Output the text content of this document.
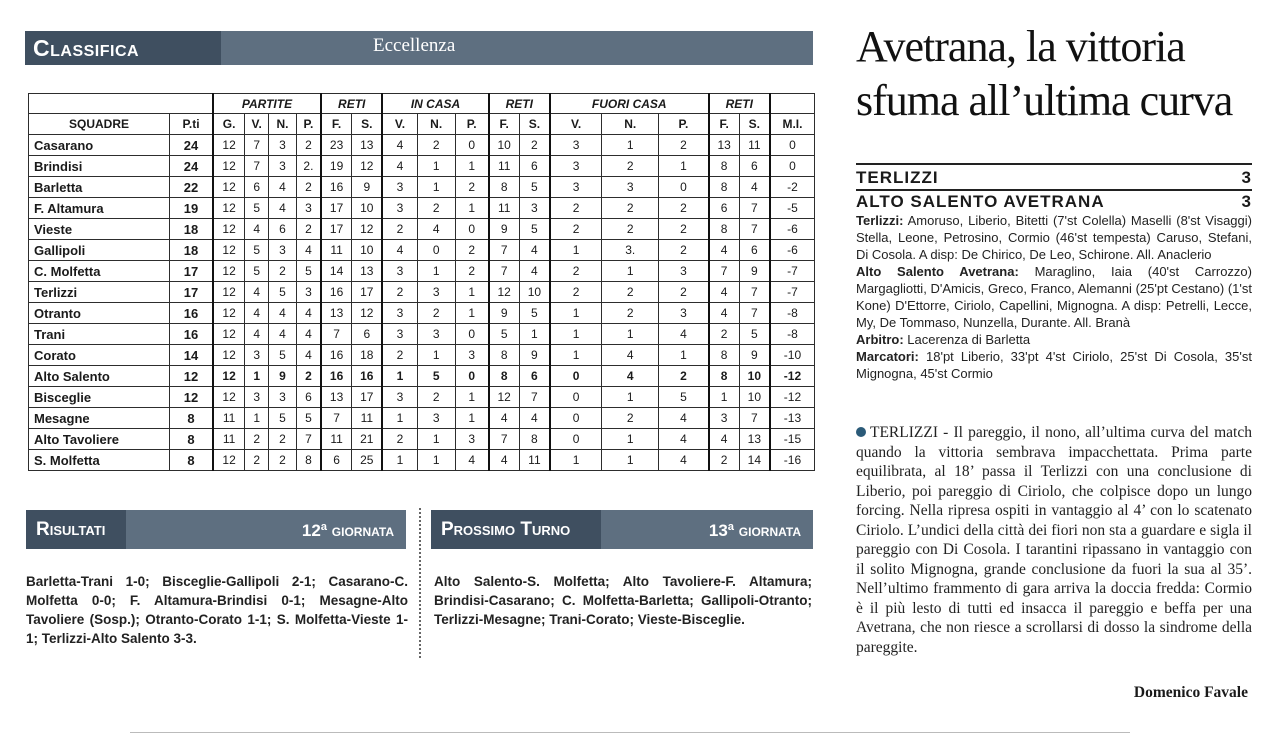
Classifica	Eccellenza
		PARTITE				RETI		IN CASA			RETI		FUORI CASA			RETI		
SQUADRE	P.ti	G.	V.	N.	P.	F.	S.	V.	N.	P.	F.	S.	V.	N.	P.	F.	S.	M.I.
Casarano	24	12	7	3	2	23	13	4	2	0	10	2	3	1	2	13	11	0
Brindisi	24	12	7	3	2.	19	12	4	1	1	11	6	3	2	1	8	6	0
Barletta	22	12	6	4	2	16	9	3	1	2	8	5	3	3	0	8	4	-2
F. Altamura	19	12	5	4	3	17	10	3	2	1	11	3	2	2	2	6	7	-5
Vieste	18	12	4	6	2	17	12	2	4	0	9	5	2	2	2	8	7	-6
Gallipoli	18	12	5	3	4	11	10	4	0	2	7	4	1	3.	2	4	6	-6
C. Molfetta	17	12	5	2	5	14	13	3	1	2	7	4	2	1	3	7	9	-7
Terlizzi	17	12	4	5	3	16	17	2	3	1	12	10	2	2	2	4	7	-7
Otranto	16	12	4	4	4	13	12	3	2	1	9	5	1	2	3	4	7	-8
Trani	16	12	4	4	4	7	6	3	3	0	5	1	1	1	4	2	5	-8
Corato	14	12	3	5	4	16	18	2	1	3	8	9	1	4	1	8	9	-10
Alto Salento	12	12	1	9	2	16	16	1	5	0	8	6	0	4	2	8	10	-12
Bisceglie	12	12	3	3	6	13	17	3	2	1	12	7	0	1	5	1	10	-12
Mesagne	8	11	1	5	5	7	11	1	3	1	4	4	0	2	4	3	7	-13
Alto Tavoliere	8	11	2	2	7	11	21	2	1	3	7	8	0	1	4	4	13	-15
S. Molfetta	8	12	2	2	8	6	25	1	1	4	4	11	1	1	4	2	14	-16
Risultati	12ª giornata
Barletta-Trani 1-0; Bisceglie-Gallipoli 2-1; Casarano-C. Molfetta 0-0; F. Altamura-Brindisi 0-1; Mesagne-Alto Tavoliere (Sosp.); Otranto-Corato 1-1; S. Molfetta-Vieste 1-1; Terlizzi-Alto Salento 3-3.
Prossimo Turno	13ª giornata
Alto Salento-S. Molfetta; Alto Tavoliere-F. Altamura; Brindisi-Casarano; C. Molfetta-Barletta; Gallipoli-Otranto; Terlizzi-Mesagne; Trani-Corato; Vieste-Bisceglie.
Avetrana, la vittoria
sfuma all’ultima curva
TERLIZZI	3
ALTO SALENTO AVETRANA	3
Terlizzi: Amoruso, Liberio, Bitetti (7'st Colella) Maselli (8'st Visaggi) Stella, Leone, Petrosino, Cormio (46'st tempesta) Caruso, Stefani, Di Cosola. A disp: De Chirico, De Leo, Schirone. All. Anaclerio
Alto Salento Avetrana: Maraglino, Iaia (40'st Carrozzo) Margagliotti, D'Amicis, Greco, Franco, Alemanni (25'pt Cestano) (1'st Kone) D'Ettorre, Ciriolo, Capellini, Mignogna. A disp: Petrelli, Lecce, My, De Tommaso, Nunzella, Durante. All. Branà
Arbitro: Lacerenza di Barletta
Marcatori: 18'pt Liberio, 33'pt 4'st Ciriolo, 25'st Di Cosola, 35'st Mignogna, 45'st Cormio
TERLIZZI - Il pareggio, il nono, all’ultima curva del match quando la vittoria sembrava impacchettata. Prima parte equilibrata, al 18’ passa il Terlizzi con una conclusione di Liberio, poi pareggio di Ciriolo, che colpisce dopo un lungo forcing. Nella ripresa ospiti in vantaggio al 4’ con lo scatenato Ciriolo. L’undici della città dei fiori non sta a guardare e sigla il pareggio con Di Cosola. I tarantini ripassano in vantaggio con il solito Mignogna, grande conclusione da fuori la sua al 35’. Nell’ultimo frammento di gara arriva la doccia fredda: Cormio è il più lesto di tutti ed insacca il pareggio e beffa per una Avetrana, che non riesce a scrollarsi di dosso la sindrome della pareggite.
Domenico Favale
